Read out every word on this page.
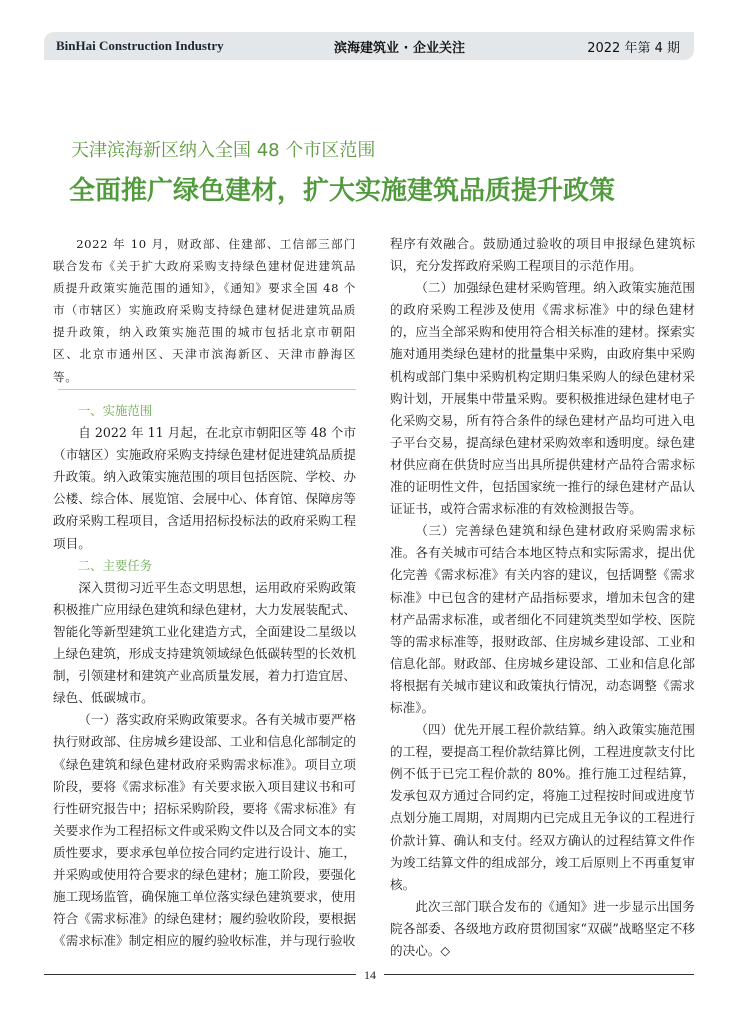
BinHai Construction Industry	滨海建筑业 · 企业关注	2022 年第 4 期
天津滨海新区纳入全国 48 个市区范围
全面推广绿色建材，扩大实施建筑品质提升政策

2022 年 10 月，财政部、住建部、工信部三部门联合发布《关于扩大政府采购支持绿色建材促进建筑品质提升政策实施范围的通知》，《通知》要求全国 48 个市（市辖区）实施政府采购支持绿色建材促进建筑品质提升政策，纳入政策实施范围的城市包括北京市朝阳区、北京市通州区、天津市滨海新区、天津市静海区等。

一、实施范围

自 2022 年 11 月起，在北京市朝阳区等 48 个市（市辖区）实施政府采购支持绿色建材促进建筑品质提升政策。纳入政策实施范围的项目包括医院、学校、办公楼、综合体、展览馆、会展中心、体育馆、保障房等政府采购工程项目，含适用招标投标法的政府采购工程项目。

二、主要任务

深入贯彻习近平生态文明思想，运用政府采购政策积极推广应用绿色建筑和绿色建材，大力发展装配式、智能化等新型建筑工业化建造方式，全面建设二星级以上绿色建筑，形成支持建筑领域绿色低碳转型的长效机制，引领建材和建筑产业高质量发展，着力打造宜居、绿色、低碳城市。

（一）落实政府采购政策要求。各有关城市要严格执行财政部、住房城乡建设部、工业和信息化部制定的《绿色建筑和绿色建材政府采购需求标准》。项目立项阶段，要将《需求标准》有关要求嵌入项目建议书和可行性研究报告中；招标采购阶段，要将《需求标准》有关要求作为工程招标文件或采购文件以及合同文本的实质性要求，要求承包单位按合同约定进行设计、施工，并采购或使用符合要求的绿色建材；施工阶段，要强化施工现场监管，确保施工单位落实绿色建筑要求，使用符合《需求标准》的绿色建材；履约验收阶段，要根据《需求标准》制定相应的履约验收标准，并与现行验收

程序有效融合。鼓励通过验收的项目申报绿色建筑标识，充分发挥政府采购工程项目的示范作用。

（二）加强绿色建材采购管理。纳入政策实施范围的政府采购工程涉及使用《需求标准》中的绿色建材的，应当全部采购和使用符合相关标准的建材。探索实施对通用类绿色建材的批量集中采购，由政府集中采购机构或部门集中采购机构定期归集采购人的绿色建材采购计划，开展集中带量采购。要积极推进绿色建材电子化采购交易，所有符合条件的绿色建材产品均可进入电子平台交易，提高绿色建材采购效率和透明度。绿色建材供应商在供货时应当出具所提供建材产品符合需求标准的证明性文件，包括国家统一推行的绿色建材产品认证证书，或符合需求标准的有效检测报告等。

（三）完善绿色建筑和绿色建材政府采购需求标准。各有关城市可结合本地区特点和实际需求，提出优化完善《需求标准》有关内容的建议，包括调整《需求标准》中已包含的建材产品指标要求，增加未包含的建材产品需求标准，或者细化不同建筑类型如学校、医院等的需求标准等，报财政部、住房城乡建设部、工业和信息化部。财政部、住房城乡建设部、工业和信息化部将根据有关城市建议和政策执行情况，动态调整《需求标准》。

（四）优先开展工程价款结算。纳入政策实施范围的工程，要提高工程价款结算比例，工程进度款支付比例不低于已完工程价款的 80%。推行施工过程结算，发承包双方通过合同约定，将施工过程按时间或进度节点划分施工周期，对周期内已完成且无争议的工程进行价款计算、确认和支付。经双方确认的过程结算文件作为竣工结算文件的组成部分，竣工后原则上不再重复审核。

此次三部门联合发布的《通知》进一步显示出国务院各部委、各级地方政府贯彻国家“双碳”战略坚定不移的决心。◇

14
